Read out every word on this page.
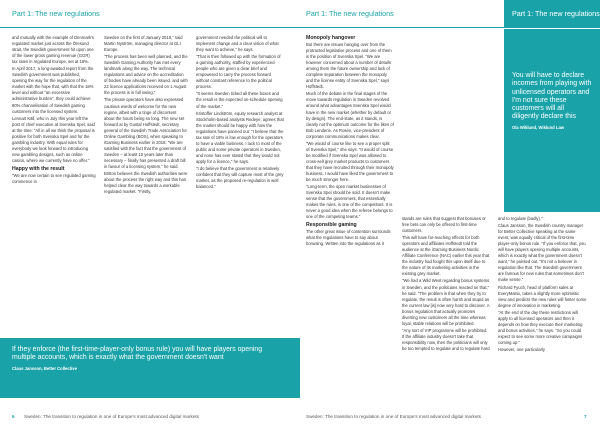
Part 1: The new regulations

and mutually with the example of Denmark's regulated market just across the Öresund strait, the Swedish government hit upon one of the lower gross gaming revenue (GGR) tax rates in regulated Europe, set at 18%.

In April 2017, a long-awaited report from the Swedish government was published, opening the way for the regulation of the market with the hope that, with that the 18% level and without "an excessive administrative burden", they could achieve 90% channelisation of Swedish gaming customers into the licensed system.

Lennart Käll, who in July this year left the post of chief executive at Svenska Spel, said at the time: "All in all we think the proposal is positive for both Svenska Spel and for the gambling industry. With equal rules for everybody we look forward to introducing new gambling designs, such as online casino, where we currently have no offer."

Happy with the result

"We are now certain to see regulated gaming commence in

Sweden on the first of January 2019," said Martin Nyström, managing director at GLI Europe.

"The process has been well planned, and the Swedish Gaming Authority has met every landmark along the way. The technical regulations and advice on the accreditation of bodies have already been issued, and with 22 licence applications received on 1 August the process is in full swing."

The private operators have also expressed cautious words of welcome for the new regime, albeit with a tinge of discontent about the hours being so long. The new set forward at by Gustaf Hoffstedt, secretary general of the Swedish Trade Association for Online Gambling (BOS), when speaking to iGaming Business earlier in 2018: "We are satisfied with the fact that the government of Sweden – at least 10 years later than necessary – finally has presented a draft bill in favour of a licensing system," he said.

Britton believes the Swedish authorities were about the process the right way and this has helped clear the way towards a workable regulated market. "Firstly,

government needed the political will to implement change and a clear vision of what they want to achieve," he says.

"That is then followed up with the formation of a gaming authority, staffed by experienced people who are given a clear brief and empowered to carry the process forward without constant reference to the political process.

"It seems Sweden ticked all these boxes and the result is the expected on-schedule opening of the market."

Kristoffer Lindström, equity research analyst at Stockholm-based analysts Redeye, agrees that the market should be happy with how the regulations have panned out: "I believe that the tax rate of 18% is low enough for the operators to have a viable business. I lack to most of the public and some private operators in Sweden, and none has ever stated that they would not apply for a licence," he says.

"I do believe that the government is relatively confident that they will capture most of the grey market, as the proposed re-regulation is well balanced."

If they enforce (the first-time-player-only bonus rule) you will have players opening multiple accounts, which is exactly what the government doesn't want
Claus Jansson, Better Collective
6 Sweden: The transition to regulation in one of Europe's most advanced digital markets
Part 1: The new regulations
Monopoly hangover

But there are issues hanging over from the protracted legislative process and one of them is the position of Svenska Spel. "We are however concerned about a number of details among them the future ownership and lack of complete separation between the monopoly and the license entity of Svenska Spel," says Hoffstedt.

Much of the debate in the final stages of the move towards regulation in Sweden revolved around what advantages Svenska Spel would have in the new market (whether by default or by design). The end-state, as it stands, is clearly not the optimum outcome for the likes of Bob Lenderie. As Rosén, vice-president of corporate communications makes clear.

"We would of course like to see a proper split of Svenska Spel," she says. "It would of course be modified if Svenska Spel was allowed to cross-sell grey market products to customers that they have recruited through their monopoly business. I would have liked the government to be much stronger here.

"Long-term, the open market businesses of Svenska Spel should be sold. It doesn't make sense that the government, that essentially makes the rules, is one of the competitors. It is never a good idea when the referee belongs to one of the competing teams."

Responsible gaming

The other great issue of contention surrounds what the regulations have to say about bonusing. Written into the regulations as it

stands are rules that suggest that bonuses or free bets can only be offered to first-time customers.

This will have far-reaching effects for both operators and affiliates Hoffstedt told the audience at the iGaming Business Nordic Affiliate Conference (NAC) earlier this year that the industry had fought this upon itself due to the nature of its marketing activities in the existing grey market.

"We had a Wild West regarding bonus systems in Sweden, and the politicians reacted on that," he said. "The problem is that when they try to regulate, the result is often harsh and stupid as the current law [is] now very hard to discover. A bonus regulation that actually promotes diverting new customers all the time whereas loyal, stable relations will be prohibited.

"Any sort of VIP programme will be prohibited. If the affiliate industry doesn't take that responsibility now, then the politicians will only be too tempted to regulate and to regulate hard

and to regulate (badly)."

Claus Jansson, the Swedish country manager for Better Collective speaking at the same event, was equally critical of the first-time player-only bonus rule. "If you enforce that, you will have players opening multiple accounts, which is exactly what the government doesn't want," he pointed out. "It's not a believer in regulation like that. The Swedish government are famous for new rules that sometimes don't make sense."

Richard Fyuch, head of platform sales at EveryMatrix, takes a slightly more optimistic view and predicts the new rules will foster some degree of innovation in marketing.

"At the end of the day these restrictions will apply to all licensed operators and then it depends on how they execute their marketing and bonus activities," he says. "So you could expect to see some more creative campaigns coming up."

However, one particularly

Part 1: The new regulations
You will have to declare incomes from playing with unlicensed operators and I'm not sure these customers will all diligently declare this
Ola Wiklund, Wiklund Law
Sweden: The transition to regulation in one of Europe's most advanced digital markets	7
